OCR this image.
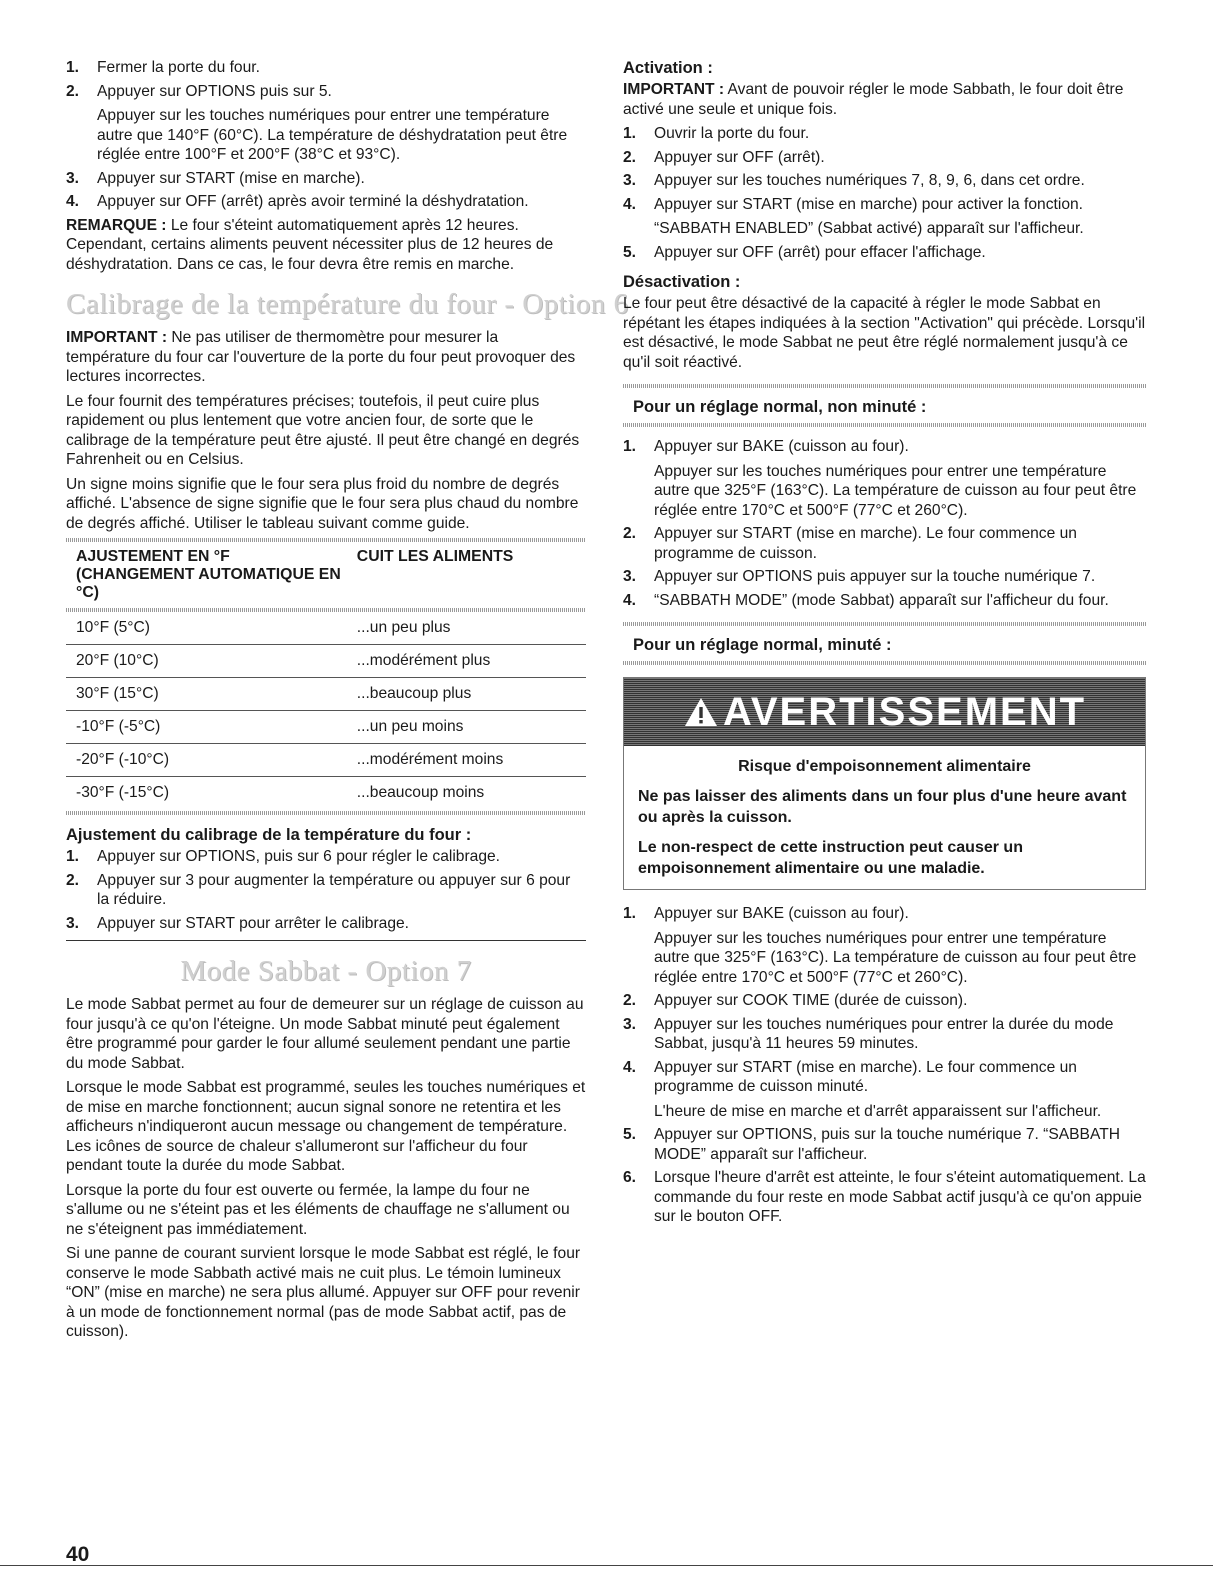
1. Fermer la porte du four.
2. Appuyer sur OPTIONS puis sur 5.
Appuyer sur les touches numériques pour entrer une température autre que 140°F (60°C). La température de déshydratation peut être réglée entre 100°F et 200°F (38°C et 93°C).
3. Appuyer sur START (mise en marche).
4. Appuyer sur OFF (arrêt) après avoir terminé la déshydratation.

REMARQUE : Le four s'éteint automatiquement après 12 heures. Cependant, certains aliments peuvent nécessiter plus de 12 heures de déshydratation. Dans ce cas, le four devra être remis en marche.

Calibrage de la température du four - Option 6

IMPORTANT : Ne pas utiliser de thermomètre pour mesurer la température du four car l'ouverture de la porte du four peut provoquer des lectures incorrectes.

Le four fournit des températures précises; toutefois, il peut cuire plus rapidement ou plus lentement que votre ancien four, de sorte que le calibrage de la température peut être ajusté. Il peut être changé en degrés Fahrenheit ou en Celsius.

Un signe moins signifie que le four sera plus froid du nombre de degrés affiché. L'absence de signe signifie que le four sera plus chaud du nombre de degrés affiché. Utiliser le tableau suivant comme guide.

AJUSTEMENT EN °F (CHANGEMENT AUTOMATIQUE EN °C)	CUIT LES ALIMENTS

10°F (5°C)	...un peu plus
20°F (10°C)	...modérément plus
30°F (15°C)	...beaucoup plus
-10°F (-5°C)	...un peu moins
-20°F (-10°C)	...modérément moins
-30°F (-15°C)	...beaucoup moins
Ajustement du calibrage de la température du four :
1. Appuyer sur OPTIONS, puis sur 6 pour régler le calibrage.
2. Appuyer sur 3 pour augmenter la température ou appuyer sur 6 pour la réduire.
3. Appuyer sur START pour arrêter le calibrage.
Mode Sabbat - Option 7

Le mode Sabbat permet au four de demeurer sur un réglage de cuisson au four jusqu'à ce qu'on l'éteigne. Un mode Sabbat minuté peut également être programmé pour garder le four allumé seulement pendant une partie du mode Sabbat.

Lorsque le mode Sabbat est programmé, seules les touches numériques et de mise en marche fonctionnent; aucun signal sonore ne retentira et les afficheurs n'indiqueront aucun message ou changement de température. Les icônes de source de chaleur s'allumeront sur l'afficheur du four pendant toute la durée du mode Sabbat.

Lorsque la porte du four est ouverte ou fermée, la lampe du four ne s'allume ou ne s'éteint pas et les éléments de chauffage ne s'allument ou ne s'éteignent pas immédiatement.

Si une panne de courant survient lorsque le mode Sabbat est réglé, le four conserve le mode Sabbath activé mais ne cuit plus. Le témoin lumineux “ON” (mise en marche) ne sera plus allumé. Appuyer sur OFF pour revenir à un mode de fonctionnement normal (pas de mode Sabbat actif, pas de cuisson).

Activation :

IMPORTANT : Avant de pouvoir régler le mode Sabbath, le four doit être activé une seule et unique fois.

1. Ouvrir la porte du four.
2. Appuyer sur OFF (arrêt).
3. Appuyer sur les touches numériques 7, 8, 9, 6, dans cet ordre.
4. Appuyer sur START (mise en marche) pour activer la fonction.
“SABBATH ENABLED” (Sabbat activé) apparaît sur l'afficheur.
5. Appuyer sur OFF (arrêt) pour effacer l'affichage.
Désactivation :

Le four peut être désactivé de la capacité à régler le mode Sabbat en répétant les étapes indiquées à la section "Activation" qui précède. Lorsqu'il est désactivé, le mode Sabbat ne peut être réglé normalement jusqu'à ce qu'il soit réactivé.

Pour un réglage normal, non minuté :
1. Appuyer sur BAKE (cuisson au four).
Appuyer sur les touches numériques pour entrer une température autre que 325°F (163°C). La température de cuisson au four peut être réglée entre 170°C et 500°F (77°C et 260°C).
2. Appuyer sur START (mise en marche). Le four commence un programme de cuisson.
3. Appuyer sur OPTIONS puis appuyer sur la touche numérique 7.
4. “SABBATH MODE” (mode Sabbat) apparaît sur l'afficheur du four.
Pour un réglage normal, minuté :
AVERTISSEMENT

Risque d'empoisonnement alimentaire

Ne pas laisser des aliments dans un four plus d'une heure avant ou après la cuisson.

Le non-respect de cette instruction peut causer un empoisonnement alimentaire ou une maladie.

1. Appuyer sur BAKE (cuisson au four).
Appuyer sur les touches numériques pour entrer une température autre que 325°F (163°C). La température de cuisson au four peut être réglée entre 170°C et 500°F (77°C et 260°C).
2. Appuyer sur COOK TIME (durée de cuisson).
3. Appuyer sur les touches numériques pour entrer la durée du mode Sabbat, jusqu'à 11 heures 59 minutes.
4. Appuyer sur START (mise en marche). Le four commence un programme de cuisson minuté.
L'heure de mise en marche et d'arrêt apparaissent sur l'afficheur.
5. Appuyer sur OPTIONS, puis sur la touche numérique 7. “SABBATH MODE” apparaît sur l'afficheur.
6. Lorsque l'heure d'arrêt est atteinte, le four s'éteint automatiquement. La commande du four reste en mode Sabbat actif jusqu'à ce qu'on appuie sur le bouton OFF.
40
